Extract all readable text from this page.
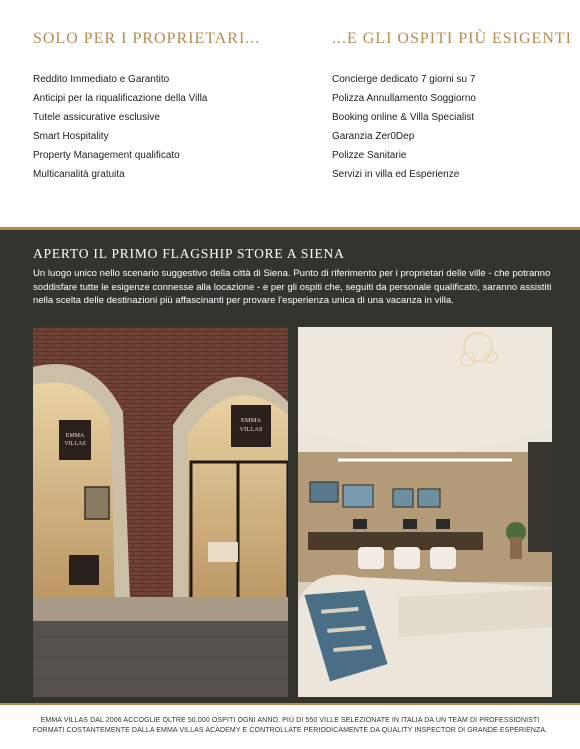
SOLO PER I PROPRIETARI...
Reddito Immediato e Garantito
Anticipi per la riqualificazione della Villa
Tutele assicurative esclusive
Smart Hospitality
Property Management qualificato
Multicanalità gratuita
...E GLI OSPITI PIÙ ESIGENTI
Concierge dedicato 7 giorni su 7
Polizza Annullamento Soggiorno
Booking online & Villa Specialist
Garanzia Zer0Dep
Polizze Sanitarie
Servizi in villa ed Esperienze
APERTO IL PRIMO FLAGSHIP STORE A SIENA

Un luogo unico nello scenario suggestivo della città di Siena. Punto di riferimento per i proprietari delle ville - che potranno soddisfare tutte le esigenze connesse alla locazione - e per gli ospiti che, seguiti da personale qualificato, saranno assistiti nella scelta delle destinazioni più affascinanti per provare l'esperienza unica di una vacanza in villa.

EMMA
VILLAS
EMMA
VILLAS
EMMA VILLAS DAL 2006 ACCOGLIE OLTRE 50.000 OSPITI OGNI ANNO. PIÙ DI 550 VILLE SELEZIONATE IN ITALIA DA UN TEAM DI PROFESSIONISTI
FORMATI COSTANTEMENTE DALLA EMMA VILLAS ACADEMY E CONTROLLATE PERIODICAMENTE DA QUALITY INSPECTOR DI GRANDE ESPERIENZA.
